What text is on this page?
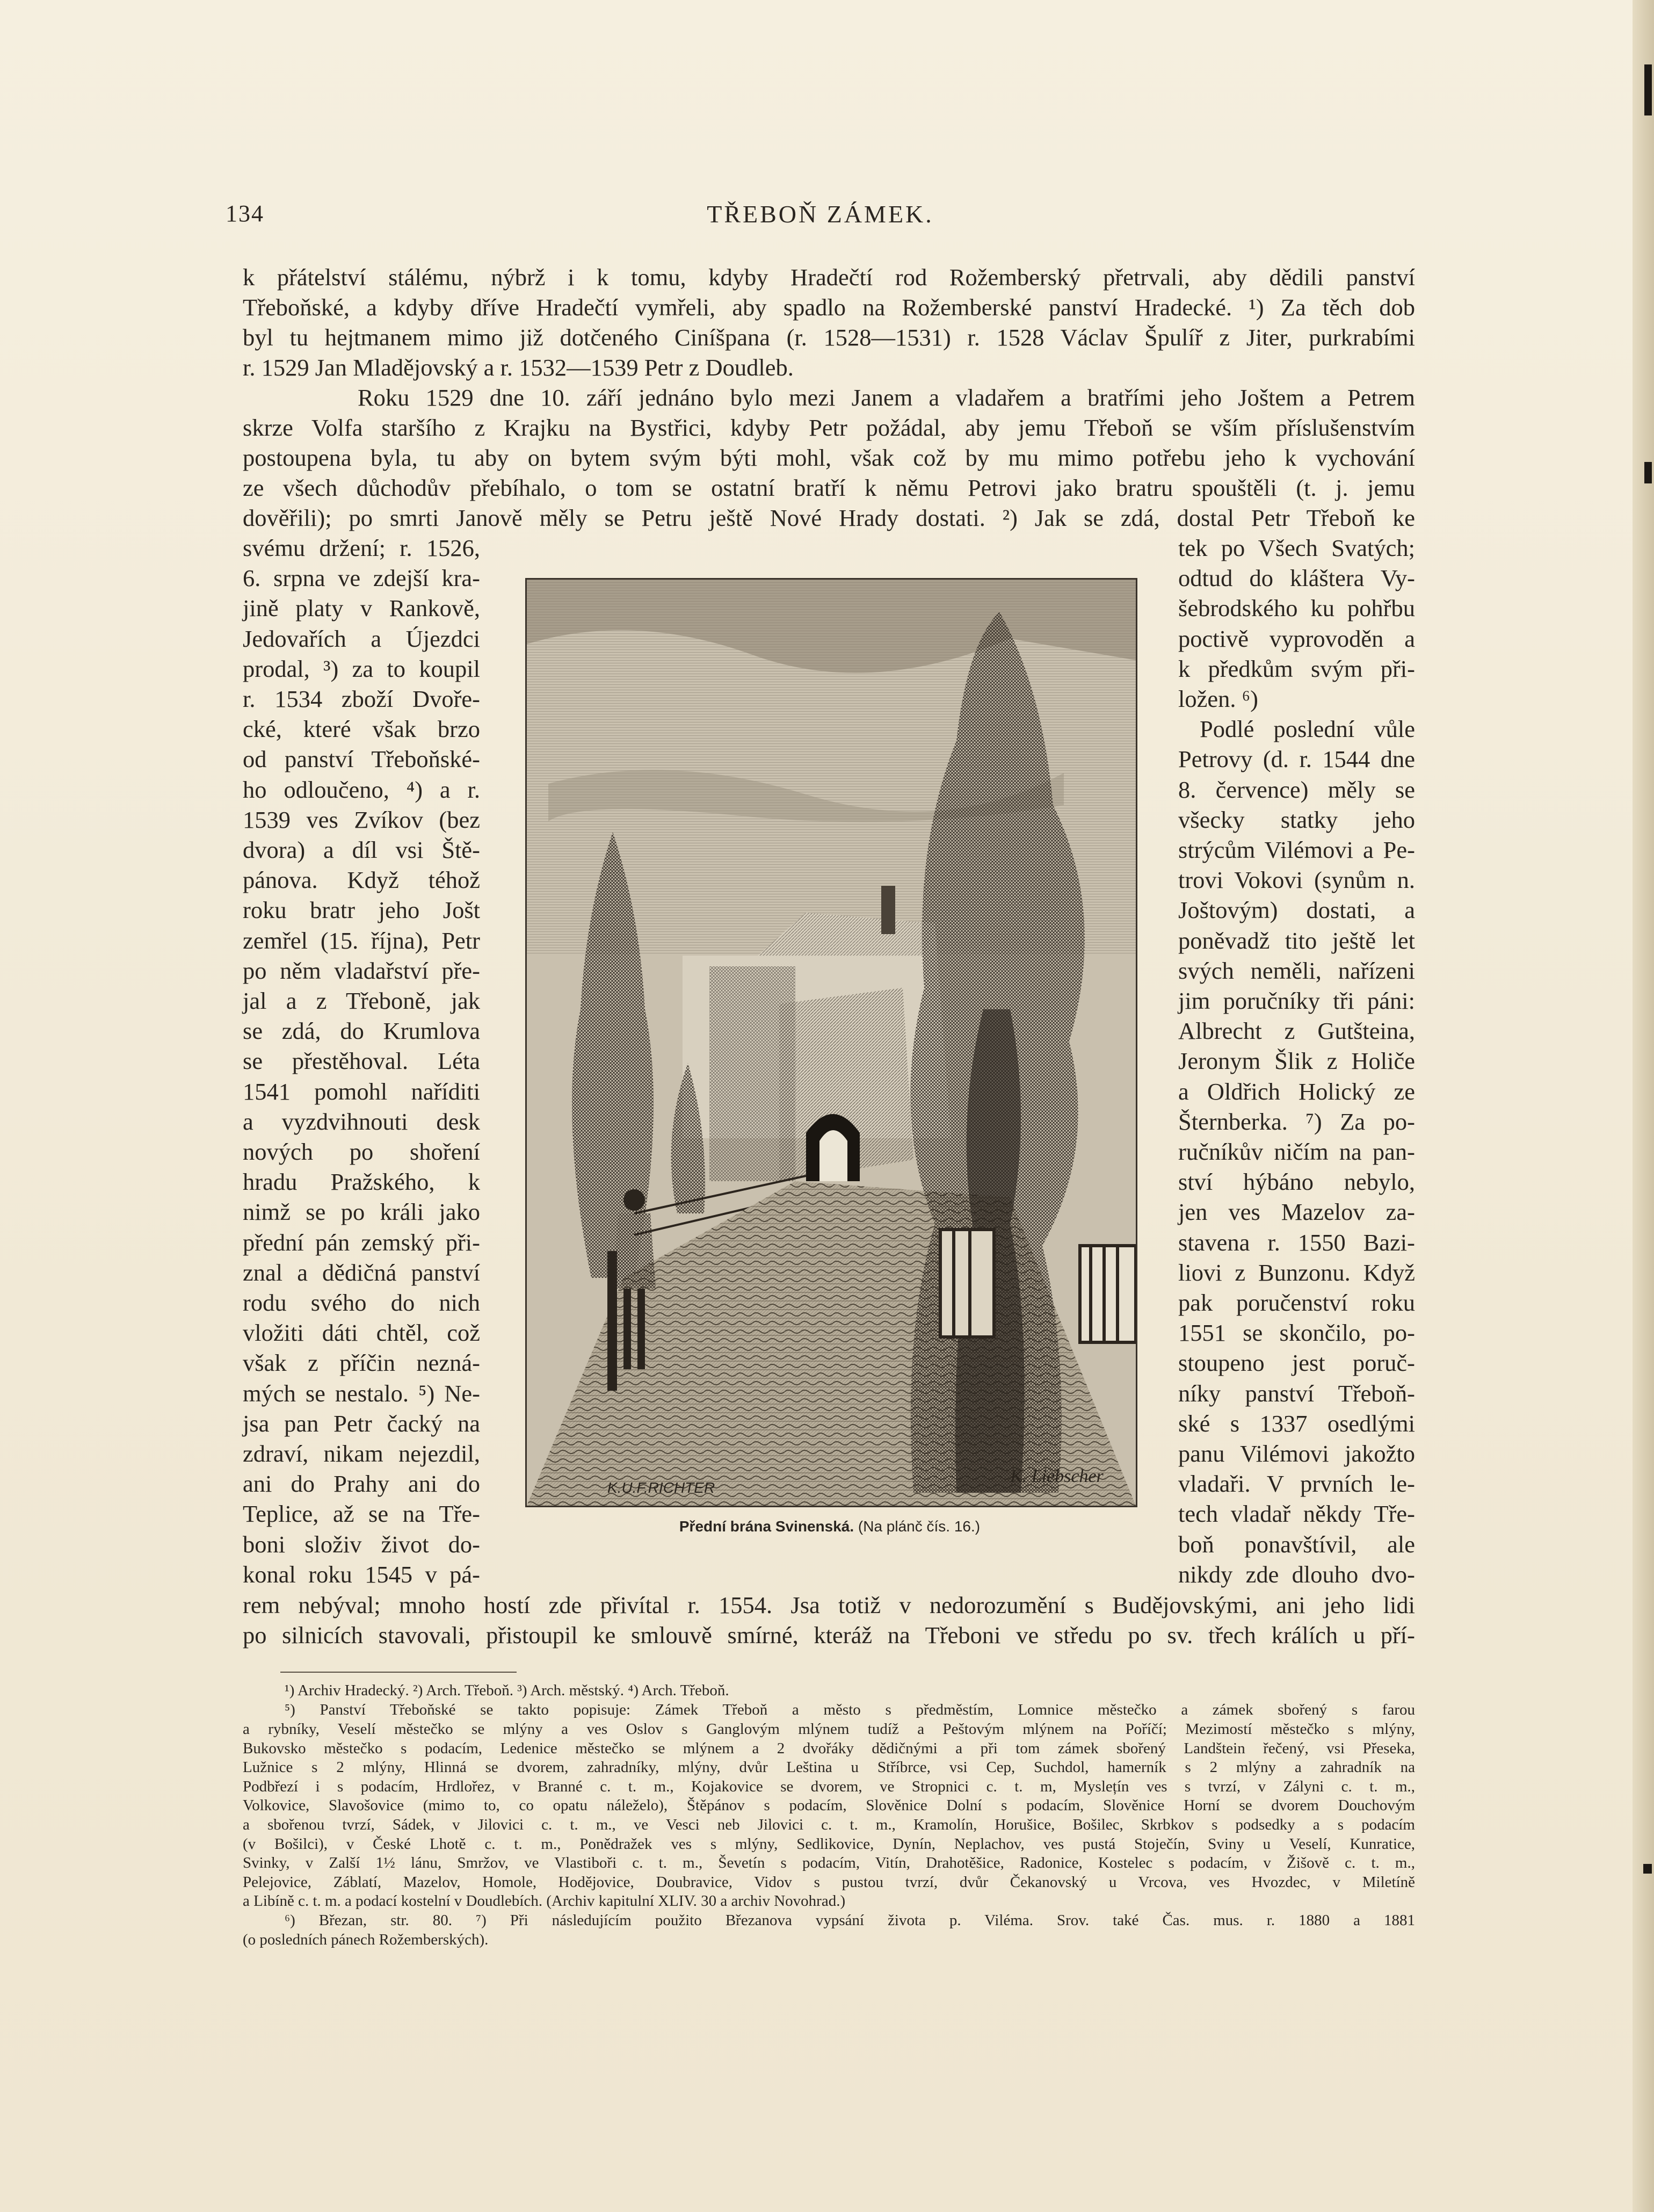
134	TŘEBOŇ ZÁMEK.
k přátelství stálému, nýbrž i k tomu, kdyby Hradečtí rod Rožemberský přetrvali, aby dědili panství
Třeboňské, a kdyby dříve Hradečtí vymřeli, aby spadlo na Rožemberské panství Hradecké. ¹) Za těch dob
byl tu hejtmanem mimo již dotčeného Ciníšpana (r. 1528—1531) r. 1528 Václav Špulíř z Jiter, purkrabími
r. 1529 Jan Mladějovský a r. 1532—1539 Petr z Doudleb.
Roku 1529 dne 10. září jednáno bylo mezi Janem a vladařem a bratřími jeho Joštem a Petrem
skrze Volfa staršího z Krajku na Bystřici, kdyby Petr požádal, aby jemu Třeboň se vším příslušenstvím
postoupena byla, tu aby on bytem svým býti mohl, však což by mu mimo potřebu jeho k vychování
ze všech důchodův přebíhalo, o tom se ostatní bratří k němu Petrovi jako bratru spouštěli (t. j. jemu
dověřili); po smrti Janově měly se Petru ještě Nové Hrady dostati. ²) Jak se zdá, dostal Petr Třeboň ke
svému držení; r. 1526,
6. srpna ve zdejší kra-
jině platy v Rankově,
Jedovařích a Újezdci
prodal, ³) za to koupil
r. 1534 zboží Dvoře-
cké, které však brzo
od panství Třeboňské-
ho odloučeno, ⁴) a r.
1539 ves Zvíkov (bez
dvora) a díl vsi Ště-
pánova. Když téhož
roku bratr jeho Jošt
zemřel (15. října), Petr
po něm vladařství pře-
jal a z Třeboně, jak
se zdá, do Krumlova
se přestěhoval. Léta
1541 pomohl naříditi
a vyzdvihnouti desk
nových po shoření
hradu Pražského, k
nimž se po králi jako
přední pán zemský při-
znal a dědičná panství
rodu svého do nich
vložiti dáti chtěl, což
však z příčin nezná-
mých se nestalo. ⁵) Ne-
jsa pan Petr čacký na
zdraví, nikam nejezdil,
ani do Prahy ani do
Teplice, až se na Tře-
boni složiv život do-
konal roku 1545 v pá-
tek po Všech Svatých;
odtud do kláštera Vy-
šebrodského ku pohřbu
poctivě vyprovoděn a
k předkům svým při-
ložen. ⁶)
Podlé poslední vůle
Petrovy (d. r. 1544 dne
8. července) měly se
všecky statky jeho
strýcům Vilémovi a Pe-
trovi Vokovi (synům n.
Joštovým) dostati, a
poněvadž tito ještě let
svých neměli, nařízeni
jim poručníky tři páni:
Albrecht z Gutšteina,
Jeronym Šlik z Holiče
a Oldřich Holický ze
Šternberka. ⁷) Za po-
ručníkův ničím na pan-
ství hýbáno nebylo,
jen ves Mazelov za-
stavena r. 1550 Bazi-
liovi z Bunzonu. Když
pak poručenství roku
1551 se skončilo, po-
stoupeno jest poruč-
níky panství Třeboň-
ské s 1337 osedlými
panu Vilémovi jakožto
vladaři. V prvních le-
tech vladař někdy Tře-
boň ponavštívil, ale
nikdy zde dlouho dvo-
rem nebýval; mnoho hostí zde přivítal r. 1554. Jsa totiž v nedorozumění s Budějovskými, ani jeho lidi
po silnicích stavovali, přistoupil ke smlouvě smírné, kteráž na Třeboni ve středu po sv. třech králích u pří-
K.U.F.RICHTER
K. Liebscher
Přední brána Svinenská. (Na plánč čís. 16.)
¹) Archiv Hradecký. ²) Arch. Třeboň. ³) Arch. městský. ⁴) Arch. Třeboň.
⁵) Panství Třeboňské se takto popisuje: Zámek Třeboň a město s předměstím, Lomnice městečko a zámek sbořený s farou
a rybníky, Veselí městečko se mlýny a ves Oslov s Ganglovým mlýnem tudíž a Peštovým mlýnem na Poříčí; Mezimostí městečko s mlýny,
Bukovsko městečko s podacím, Ledenice městečko se mlýnem a 2 dvořáky dědičnými a při tom zámek sbořený Landštein řečený, vsi Přeseka,
Lužnice s 2 mlýny, Hlinná se dvorem, zahradníky, mlýny, dvůr Leština u Stříbrce, vsi Cep, Suchdol, hamerník s 2 mlýny a zahradník na
Podbřezí i s podacím, Hrdlořez, v Branné c. t. m., Kojakovice se dvorem, ve Stropnici c. t. m, Myslețín ves s tvrzí, v Zályni c. t. m.,
Volkovice, Slavošovice (mimo to, co opatu náleželo), Štěpánov s podacím, Slověnice Dolní s podacím, Slověnice Horní se dvorem Douchovým
a sbořenou tvrzí, Sádek, v Jilovici c. t. m., ve Vesci neb Jilovici c. t. m., Kramolín, Horušice, Bošilec, Skrbkov s podsedky a s podacím
(v Bošilci), v České Lhotě c. t. m., Ponědražek ves s mlýny, Sedlikovice, Dynín, Neplachov, ves pustá Stoječín, Sviny u Veselí, Kunratice,
Svinky, v Zalší 1½ lánu, Smržov, ve Vlastiboři c. t. m., Ševetín s podacím, Vitín, Drahotěšice, Radonice, Kostelec s podacím, v Žišově c. t. m.,
Pelejovice, Záblatí, Mazelov, Homole, Hodějovice, Doubravice, Vidov s pustou tvrzí, dvůr Čekanovský u Vrcova, ves Hvozdec, v Miletíně
a Libíně c. t. m. a podací kostelní v Doudlebích. (Archiv kapitulní XLIV. 30 a archiv Novohrad.)
⁶) Březan, str. 80. ⁷) Při následujícím použito Březanova vypsání života p. Viléma. Srov. také Čas. mus. r. 1880 a 1881
(o posledních pánech Rožemberských).
